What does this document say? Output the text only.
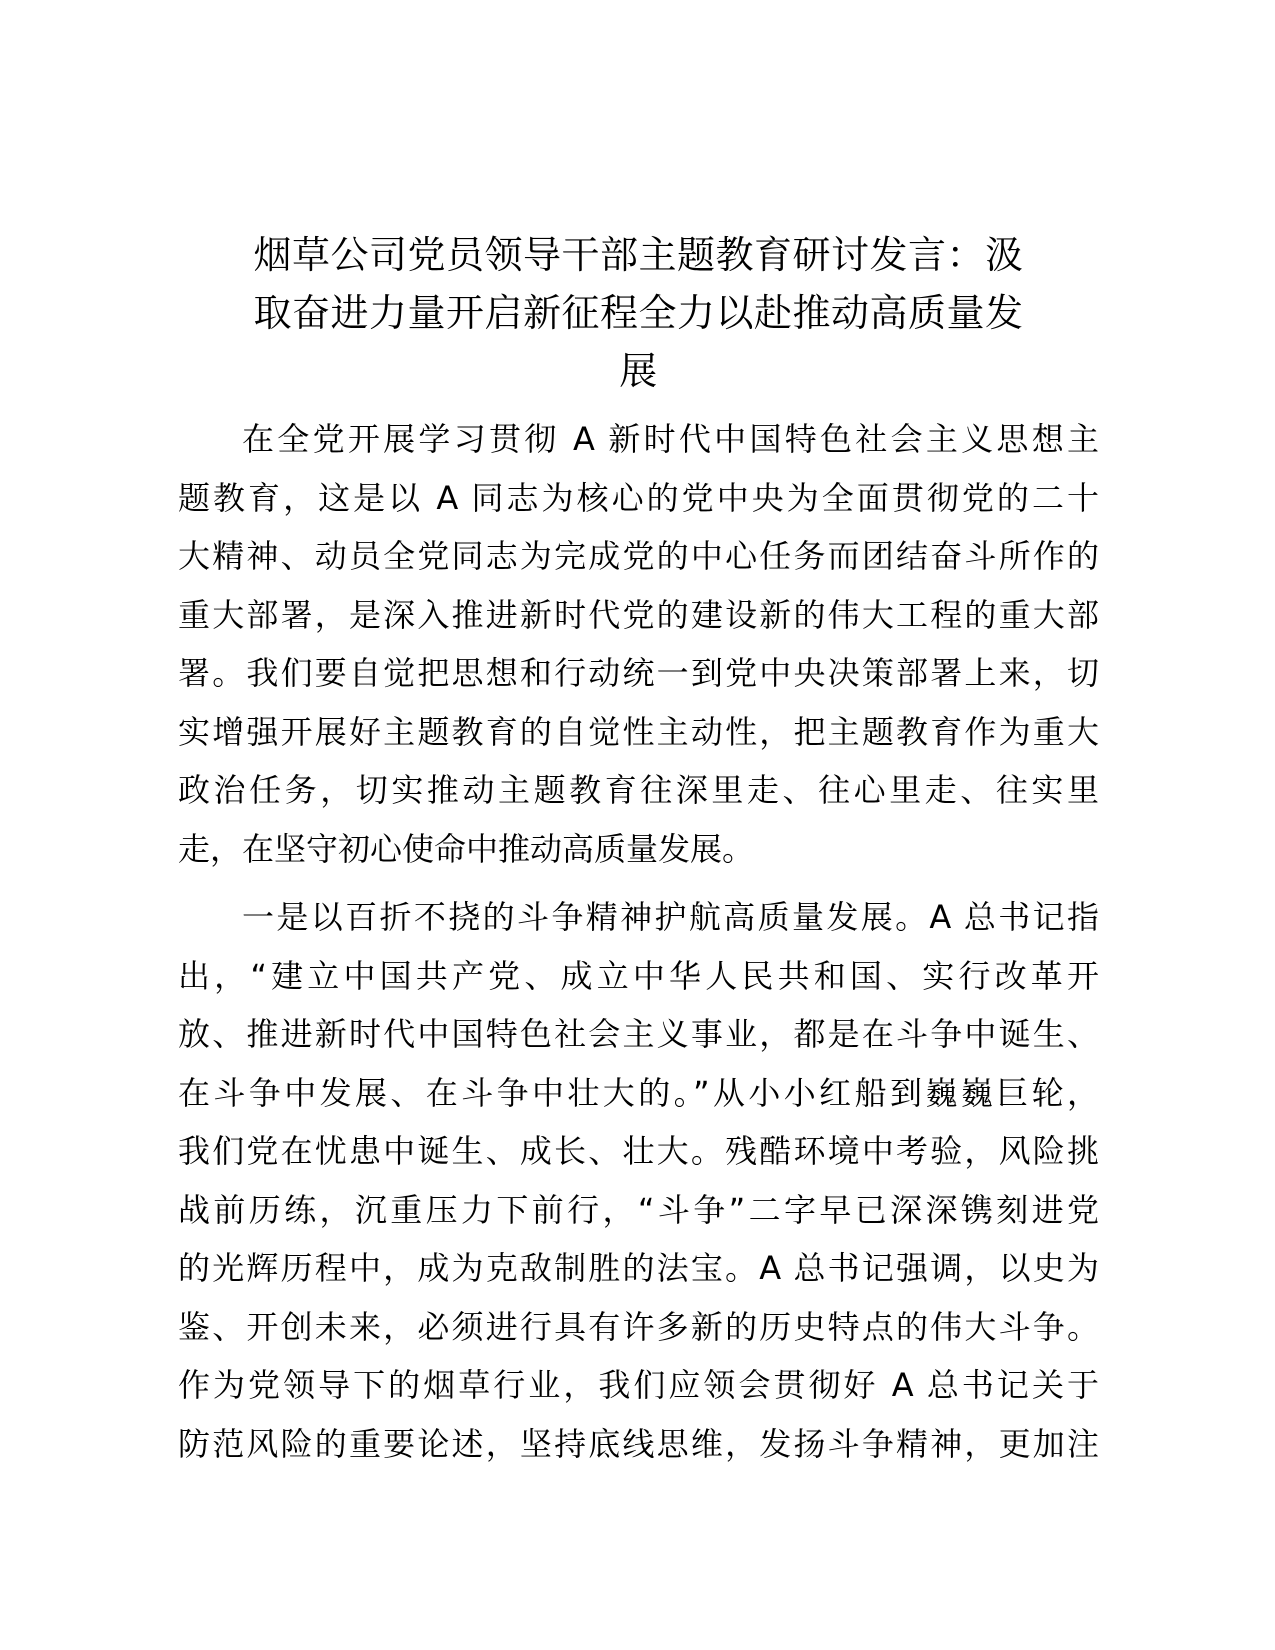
烟草公司党员领导干部主题教育研讨发言：汲
取奋进力量开启新征程全力以赴推动高质量发
展

在全党开展学习贯彻 A 新时代中国特色社会主义思想主
题教育，这是以 A 同志为核心的党中央为全面贯彻党的二十
大精神、动员全党同志为完成党的中心任务而团结奋斗所作的
重大部署，是深入推进新时代党的建设新的伟大工程的重大部
署。我们要自觉把思想和行动统一到党中央决策部署上来，切
实增强开展好主题教育的自觉性主动性，把主题教育作为重大
政治任务，切实推动主题教育往深里走、往心里走、往实里
走，在坚守初心使命中推动高质量发展。

一是以百折不挠的斗争精神护航高质量发展。A 总书记指
出，“建立中国共产党、成立中华人民共和国、实行改革开
放、推进新时代中国特色社会主义事业，都是在斗争中诞生、
在斗争中发展、在斗争中壮大的。”从小小红船到巍巍巨轮，
我们党在忧患中诞生、成长、壮大。残酷环境中考验，风险挑
战前历练，沉重压力下前行，“斗争”二字早已深深镌刻进党
的光辉历程中，成为克敌制胜的法宝。A 总书记强调，以史为
鉴、开创未来，必须进行具有许多新的历史特点的伟大斗争。
作为党领导下的烟草行业，我们应领会贯彻好 A 总书记关于
防范风险的重要论述，坚持底线思维，发扬斗争精神，更加注
